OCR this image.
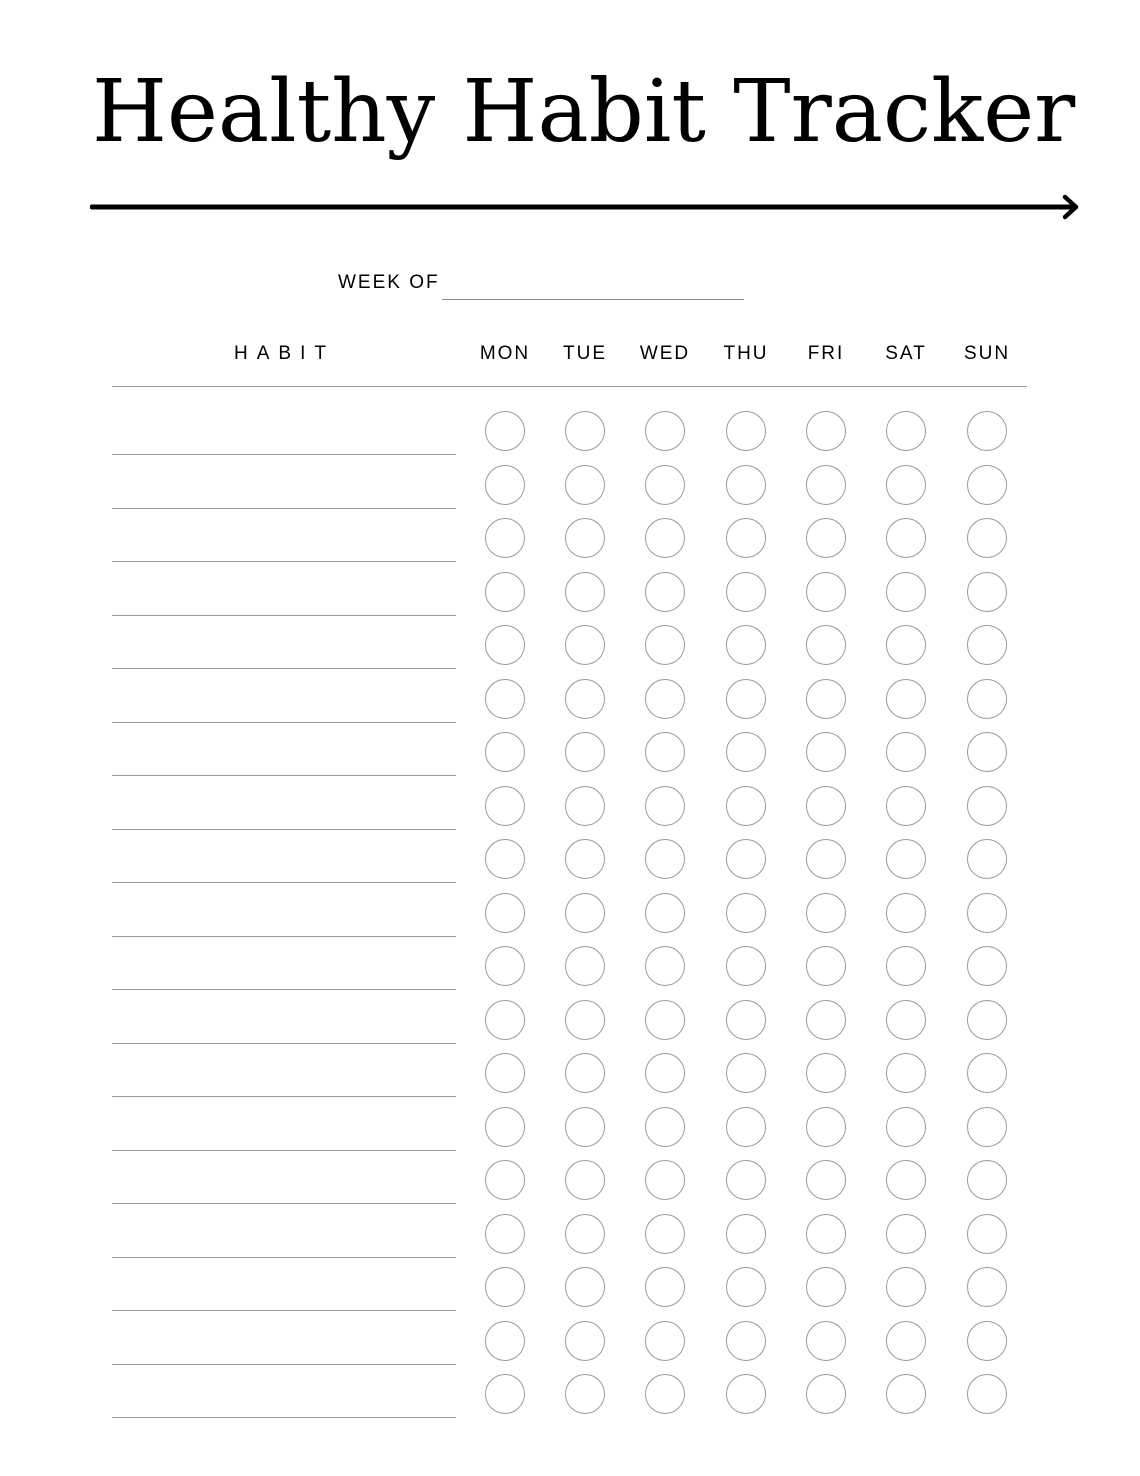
Healthy Habit Tracker
WEEK OF
HABIT	MON	TUE	WED	THU	FRI	SAT	SUN
